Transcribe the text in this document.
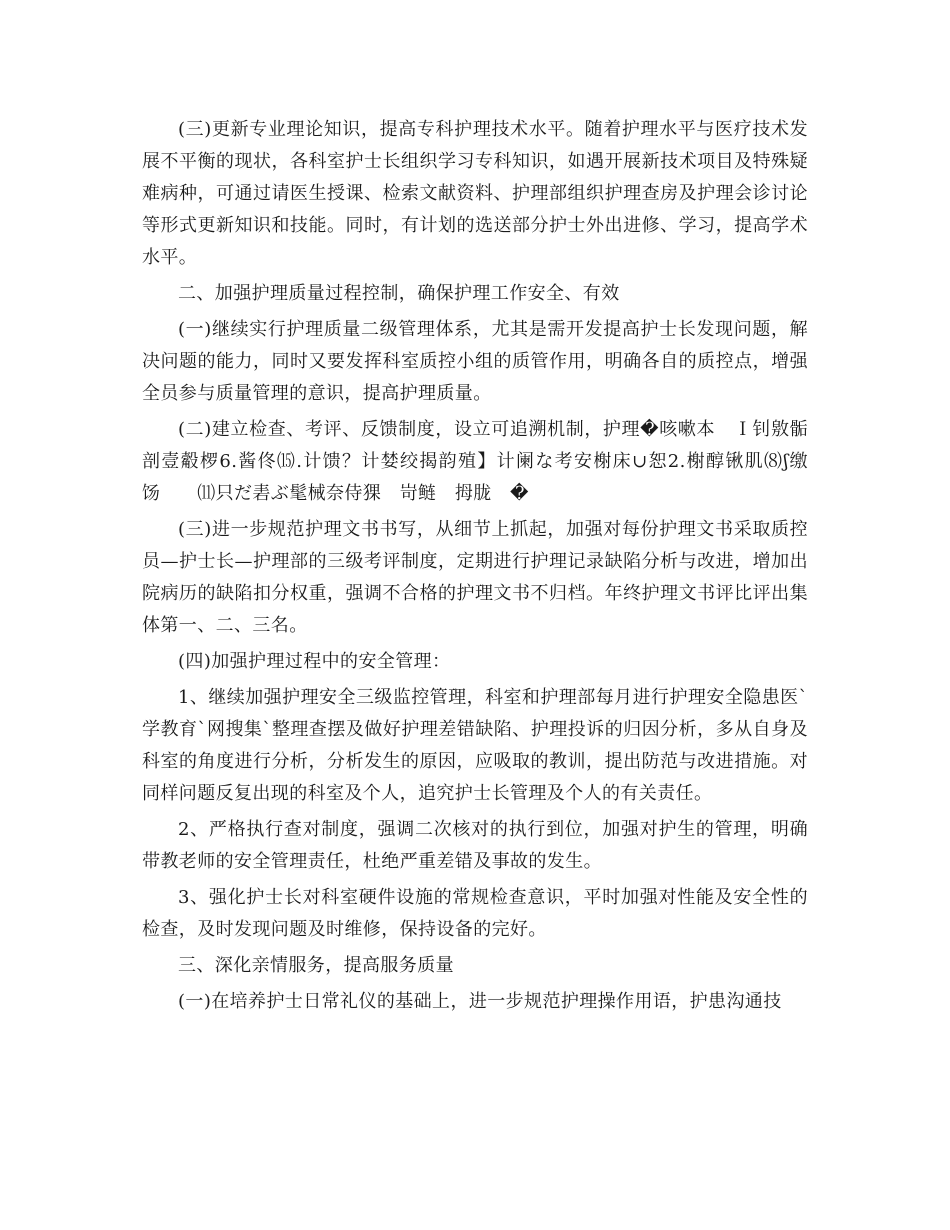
(三)更新专业理论知识，提高专科护理技术水平。随着护理水平与医疗技术发展不平衡的现状，各科室护士长组织学习专科知识，如遇开展新技术项目及特殊疑难病种，可通过请医生授课、检索文献资料、护理部组织护理查房及护理会诊讨论等形式更新知识和技能。同时，有计划的选送部分护士外出进修、学习，提高学术水平。

二、加强护理质量过程控制，确保护理工作安全、有效

(一)继续实行护理质量二级管理体系，尤其是需开发提高护士长发现问题，解决问题的能力，同时又要发挥科室质控小组的质管作用，明确各自的质控点，增强全员参与质量管理的意识，提高护理质量。

(二)建立检查、考评、反馈制度，设立可追溯机制，护理�咳嗽本　Ｉ钊敫骺剖壹觳椤6.酱佟⒂.计馈？计婪绞揭韵殖】计阑な考安榭床∪恕2.榭醇锹肌⑻ʃ缴　饧　　⑾只だ砉ぶ髦械奈侍猓　岢鲢　拇胧　�

(三)进一步规范护理文书书写，从细节上抓起，加强对每份护理文书采取质控员—护士长—护理部的三级考评制度，定期进行护理记录缺陷分析与改进，增加出院病历的缺陷扣分权重，强调不合格的护理文书不归档。年终护理文书评比评出集体第一、二、三名。

(四)加强护理过程中的安全管理：

1、继续加强护理安全三级监控管理，科室和护理部每月进行护理安全隐患医`学教育`网搜集`整理查摆及做好护理差错缺陷、护理投诉的归因分析，多从自身及科室的角度进行分析，分析发生的原因，应吸取的教训，提出防范与改进措施。对同样问题反复出现的科室及个人，追究护士长管理及个人的有关责任。

2、严格执行查对制度，强调二次核对的执行到位，加强对护生的管理，明确带教老师的安全管理责任，杜绝严重差错及事故的发生。

3、强化护士长对科室硬件设施的常规检查意识，平时加强对性能及安全性的检查，及时发现问题及时维修，保持设备的完好。

三、深化亲情服务，提高服务质量

(一)在培养护士日常礼仪的基础上，进一步规范护理操作用语，护患沟通技
